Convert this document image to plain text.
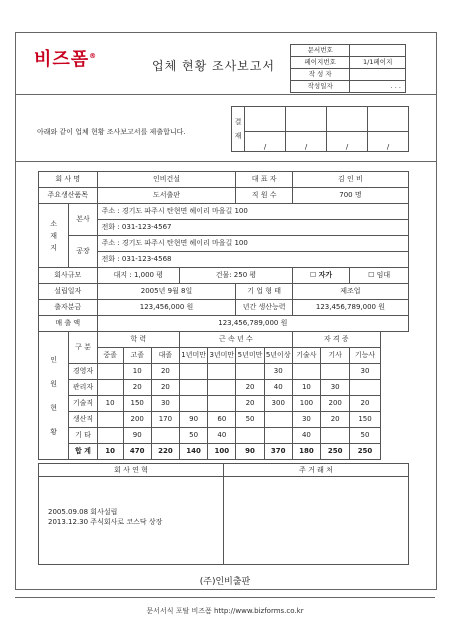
비즈폼®
업체 현황 조사보고서
문서번호	
페이지번호	1/1페이지
작 성 자	
작성일자	. . .
아래와 같이 업체 현황 조사보고서를 제출합니다.
결
재				
	/	/	/	/
회 사 명		인비건설					대 표 자		김 인 비		
주요생산품목		도서출판					직 원 수		700 명		
소
재
지	본사	주소 : 경기도 파주시 탄현면 헤이리 마을길 100									
		전화 : 031-123-4567									
	공장	주소 : 경기도 파주시 탄현면 헤이리 마을길 100									
		전화 : 031-123-4568									
회사규모		대지 : 1,000 평			건물: 250 평				☐ 자가		☐ 임대
설립일자		2005년 9월 8일					기 업 형 태		제조업		
출자분금		123,456,000 원					년간 생산능력		123,456,789,000 원		
매 출 액		123,456,789,000 원									
인
원
현
황	구 분	학 력			근 속 년 수				자 격 증		
		중졸	고졸	대졸	1년미만	3년미만	5년미만	5년이상	기술사	기사	기능사
	경영자		10	20				30			30
	관리자		20	20			20	40	10	30	
	기술직	10	150	30			20	300	100	200	20
	생산직		200	170	90	60	50		30	20	150
	기 타		90		50	40			40		50
	합 계	10	470	220	140	100	90	370	180	250	250
회 사 연 혁	주 거 래 처

2005.09.08 회사설립
2013.12.30 주식회사로 코스닥 상장
(주)인비출판
문서서식 포탈 비즈폼 http://www.bizforms.co.kr
